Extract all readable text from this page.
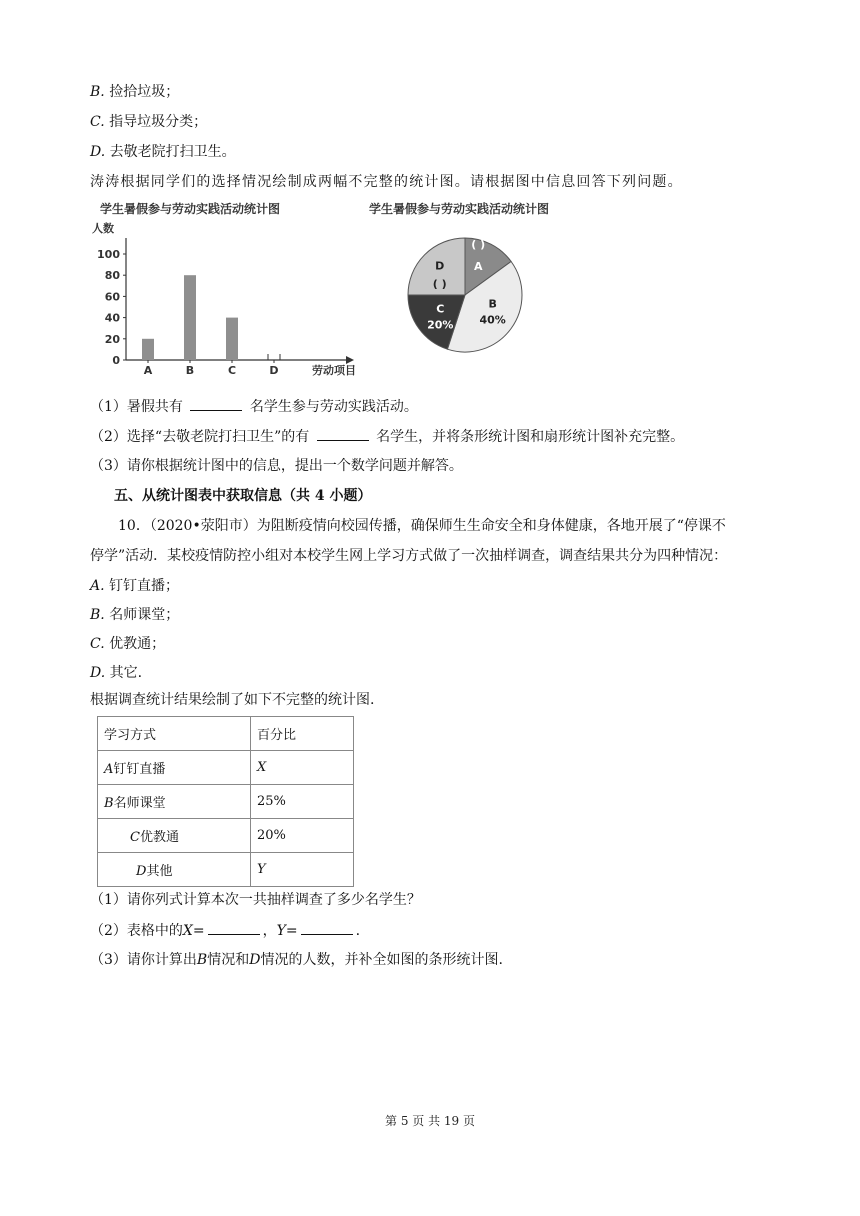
B. 捡拾垃圾；
C. 指导垃圾分类；
D. 去敬老院打扫卫生。
涛涛根据同学们的选择情况绘制成两幅不完整的统计图。请根据图中信息回答下列问题。
学生暑假参与劳动实践活动统计图	学生暑假参与劳动实践活动统计图
人数
劳动项目
0
20
40
60
80
100
A	B	C	D
A
( )
B
40%
C
20%
D
( )
（1）暑假共有	名学生参与劳动实践活动。
（2）选择“去敬老院打扫卫生”的有	名学生，并将条形统计图和扇形统计图补充完整。
（3）请你根据统计图中的信息，提出一个数学问题并解答。
五、从统计图表中获取信息（共 4 小题）
10．（2020•荥阳市）为阻断疫情向校园传播，确保师生生命安全和身体健康，各地开展了“停课不
停学”活动．某校疫情防控小组对本校学生网上学习方式做了一次抽样调查，调查结果共分为四种情况：
A. 钉钉直播；
B. 名师课堂；
C. 优教通；
D. 其它.
根据调查统计结果绘制了如下不完整的统计图.
学习方式	百分比
A钉钉直播	X
B名师课堂	25%
C优教通	20%
D其他	Y
（1）请你列式计算本次一共抽样调查了多少名学生？
（2）表格中的X=	，Y=	.
（3）请你计算出B情况和D情况的人数，并补全如图的条形统计图.
第 5 页 共 19 页
